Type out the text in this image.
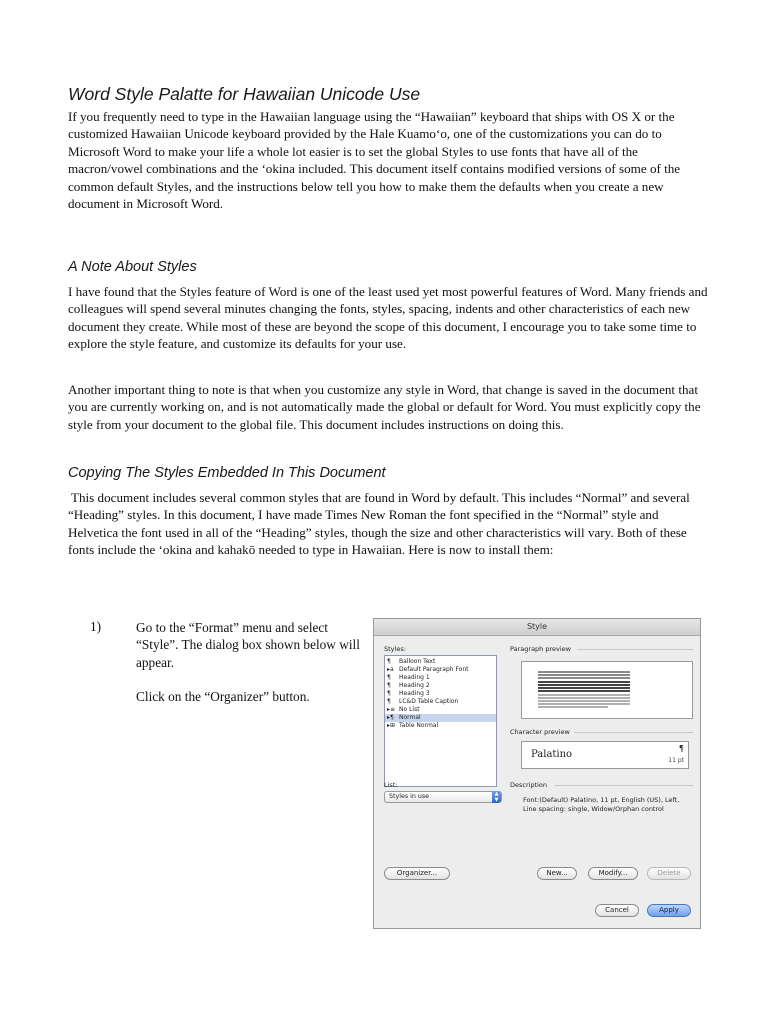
Word Style Palatte for Hawaiian Unicode Use

If you frequently need to type in the Hawaiian language using the “Hawaiian” keyboard that ships with OS X or the customized Hawaiian Unicode keyboard provided by the Hale Kuamo‘o, one of the customizations you can do to Microsoft Word to make your life a whole lot easier is to set the global Styles to use fonts that have all of the macron/vowel combinations and the ‘okina included. This document itself contains modified versions of some of the common default Styles, and the instructions below tell you how to make them the defaults when you create a new document in Microsoft Word.

A Note About Styles

I have found that the Styles feature of Word is one of the least used yet most powerful features of Word. Many friends and colleagues will spend several minutes changing the fonts, styles, spacing, indents and other characteristics of each new document they create. While most of these are beyond the scope of this document, I encourage you to take some time to explore the style feature, and customize its defaults for your use.

Another important thing to note is that when you customize any style in Word, that change is saved in the document that you are currently working on, and is not automatically made the global or default for Word. You must explicitly copy the style from your document to the global file. This document includes instructions on doing this.

Copying The Styles Embedded In This Document

This document includes several common styles that are found in Word by default. This includes “Normal” and several “Heading” styles. In this document, I have made Times New Roman the font specified in the “Normal” style and Helvetica the font used in all of the “Heading” styles, though the size and other characteristics will vary. Both of these fonts include the ‘okina and kahakō needed to type in Hawaiian. Here is now to install them:

1)	Go to the “Format” menu and select “Style”. The dialog box shown below will appear.

Click on the “Organizer” button.

Style
Styles:
¶ Balloon Text
▸a Default Paragraph Font
¶ Heading 1
¶ Heading 2
¶ Heading 3
¶ LC&D Table Caption
▸≡ No List
▸¶ Normal
▸⊞ Table Normal
Paragraph preview
Character preview
Palatino
¶
11 pt
List:
Styles in use	▲
▼
Description
Font:(Default) Palatino, 11 pt, English (US), Left, Line spacing: single, Widow/Orphan control
Organizer...	New...	Modify...	Delete
Cancel	Apply
